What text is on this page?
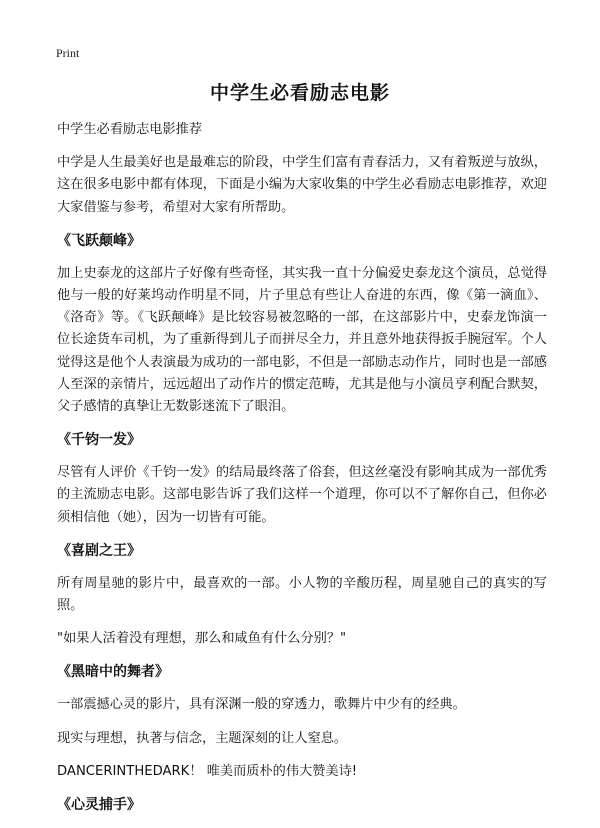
Print
中学生必看励志电影

中学生必看励志电影推荐

中学是人生最美好也是最难忘的阶段，中学生们富有青春活力，又有着叛逆与放纵，这在很多电影中都有体现，下面是小编为大家收集的中学生必看励志电影推荐，欢迎大家借鉴与参考，希望对大家有所帮助。

《飞跃颠峰》

加上史泰龙的这部片子好像有些奇怪，其实我一直十分偏爱史泰龙这个演员，总觉得他与一般的好莱坞动作明星不同，片子里总有些让人奋进的东西，像《第一滴血》、《洛奇》等。《飞跃颠峰》是比较容易被忽略的一部，在这部影片中，史泰龙饰演一位长途货车司机，为了重新得到儿子而拼尽全力，并且意外地获得扳手腕冠军。个人觉得这是他个人表演最为成功的一部电影，不但是一部励志动作片，同时也是一部感人至深的亲情片，远远超出了动作片的惯定范畴，尤其是他与小演员亨利配合默契，父子感情的真挚让无数影迷流下了眼泪。

《千钧一发》

尽管有人评价《千钧一发》的结局最终落了俗套，但这丝毫没有影响其成为一部优秀的主流励志电影。这部电影告诉了我们这样一个道理，你可以不了解你自己，但你必须相信他（她），因为一切皆有可能。

《喜剧之王》

所有周星驰的影片中，最喜欢的一部。小人物的辛酸历程，周星驰自己的真实的写照。

"如果人活着没有理想，那么和咸鱼有什么分别？"

《黑暗中的舞者》

一部震撼心灵的影片，具有深渊一般的穿透力，歌舞片中少有的经典。

现实与理想，执著与信念，主题深刻的让人窒息。

DANCERINTHEDARK！ 唯美而质朴的伟大赞美诗!

《心灵捕手》
